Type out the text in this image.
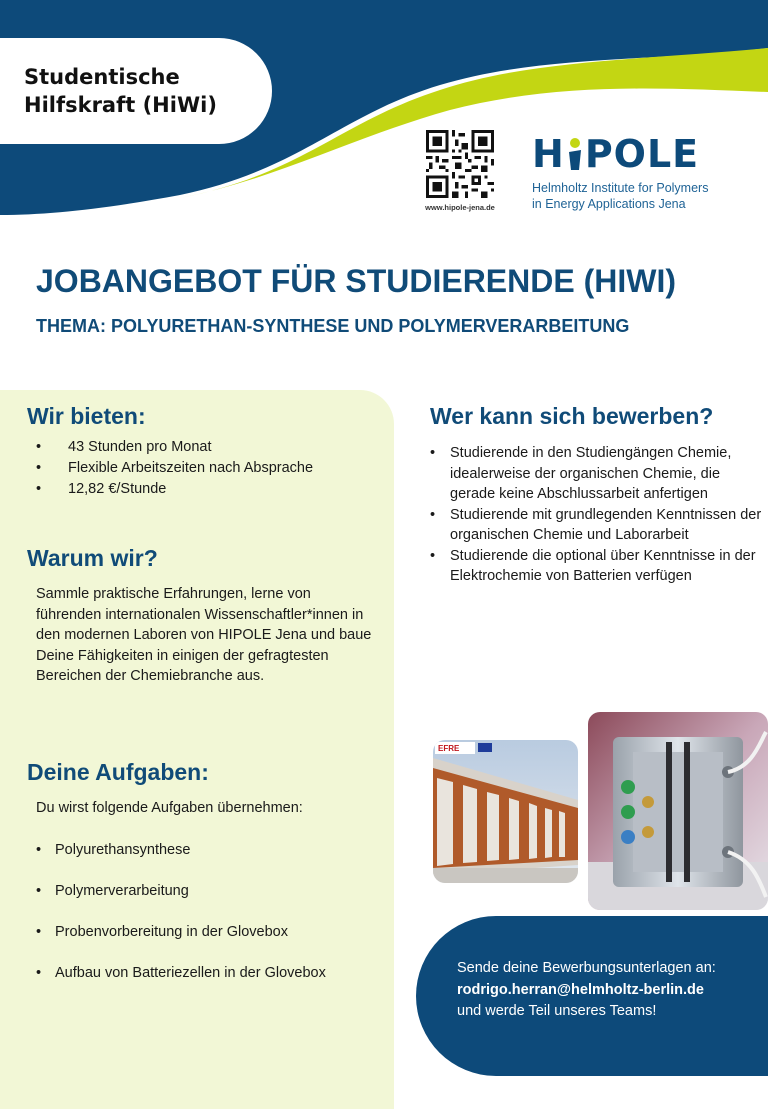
Studentische
Hilfskraft (HiWi)
www.hipole-jena.de
H POLE
Helmholtz Institute for Polymers
in Energy Applications Jena
JOBANGEBOT FÜR STUDIERENDE (HIWI)
THEMA: POLYURETHAN-SYNTHESE UND POLYMERVERARBEITUNG
Wir bieten:
• 43 Stunden pro Monat
• Flexible Arbeitszeiten nach Absprache
• 12,82 €/Stunde
Warum wir?

Sammle praktische Erfahrungen, lerne von führenden internationalen Wissenschaftler*innen in den modernen Laboren von HIPOLE Jena und baue Deine Fähigkeiten in einigen der gefragtesten Bereichen der Chemiebranche aus.

Deine Aufgaben:

Du wirst folgende Aufgaben übernehmen:

• Polyurethansynthese
• Polymerverarbeitung
• Probenvorbereitung in der Glovebox
• Aufbau von Batteriezellen in der Glovebox
Wer kann sich bewerben?
• Studierende in den Studiengängen Chemie, idealerweise der organischen Chemie, die gerade keine Abschlussarbeit anfertigen
• Studierende mit grundlegenden Kenntnissen der organischen Chemie und Laborarbeit
• Studierende die optional über Kenntnisse in der Elektrochemie von Batterien verfügen
EFRE
Sende deine Bewerbungsunterlagen an:
rodrigo.herran@helmholtz-berlin.de
und werde Teil unseres Teams!
